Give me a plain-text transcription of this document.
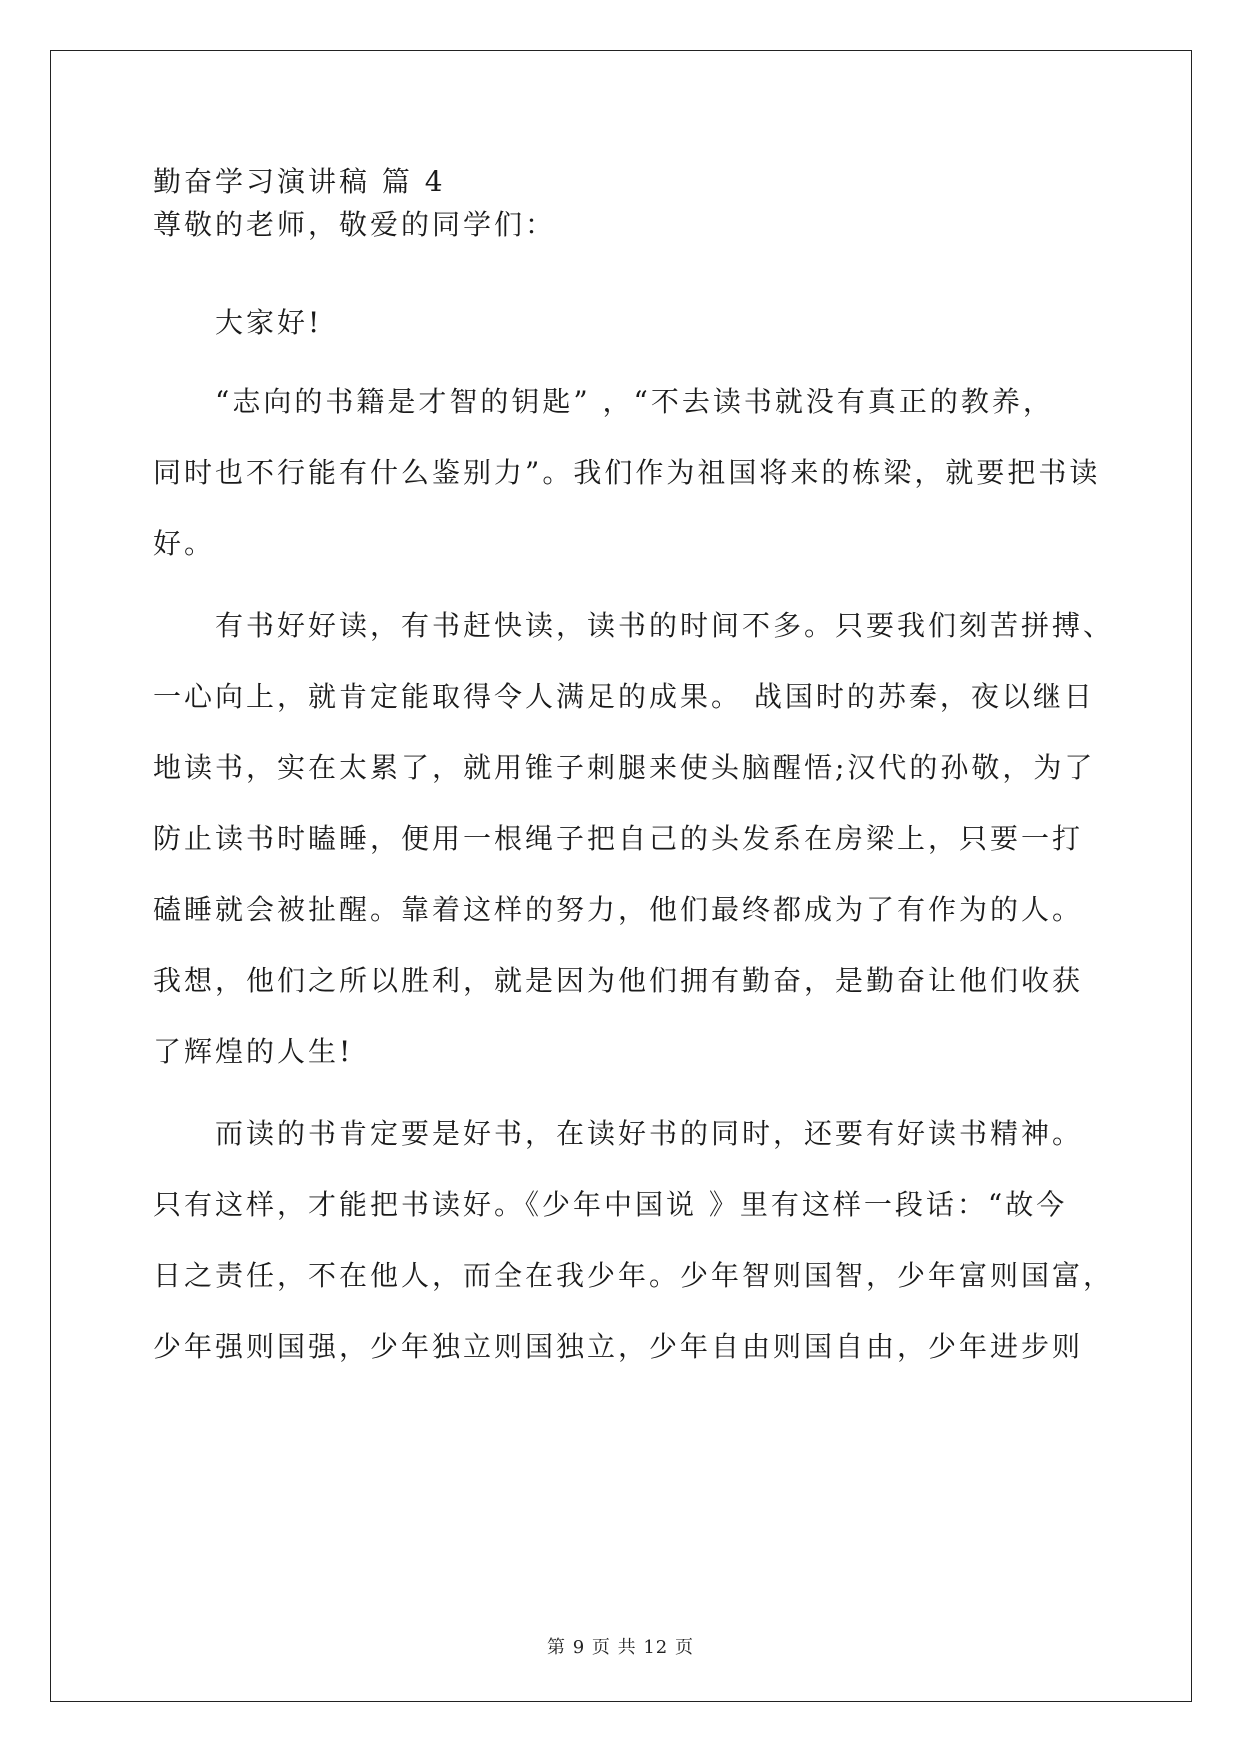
勤奋学习演讲稿 篇 4
尊敬的老师，敬爱的同学们：
大家好!
“志向的书籍是才智的钥匙” ，“不去读书就没有真正的教养，
同时也不行能有什么鉴别力”。我们作为祖国将来的栋梁，就要把书读
好。
有书好好读，有书赶快读，读书的时间不多。只要我们刻苦拼搏、
一心向上，就肯定能取得令人满足的成果。 战国时的苏秦，夜以继日
地读书，实在太累了，就用锥子刺腿来使头脑醒悟;汉代的孙敬，为了
防止读书时瞌睡，便用一根绳子把自己的头发系在房梁上，只要一打
磕睡就会被扯醒。靠着这样的努力，他们最终都成为了有作为的人。
我想，他们之所以胜利，就是因为他们拥有勤奋，是勤奋让他们收获
了辉煌的人生!
而读的书肯定要是好书，在读好书的同时，还要有好读书精神。
只有这样，才能把书读好。《少年中国说 》里有这样一段话：“故今
日之责任，不在他人，而全在我少年。少年智则国智，少年富则国富，
少年强则国强，少年独立则国独立，少年自由则国自由，少年进步则
第 9 页 共 12 页
